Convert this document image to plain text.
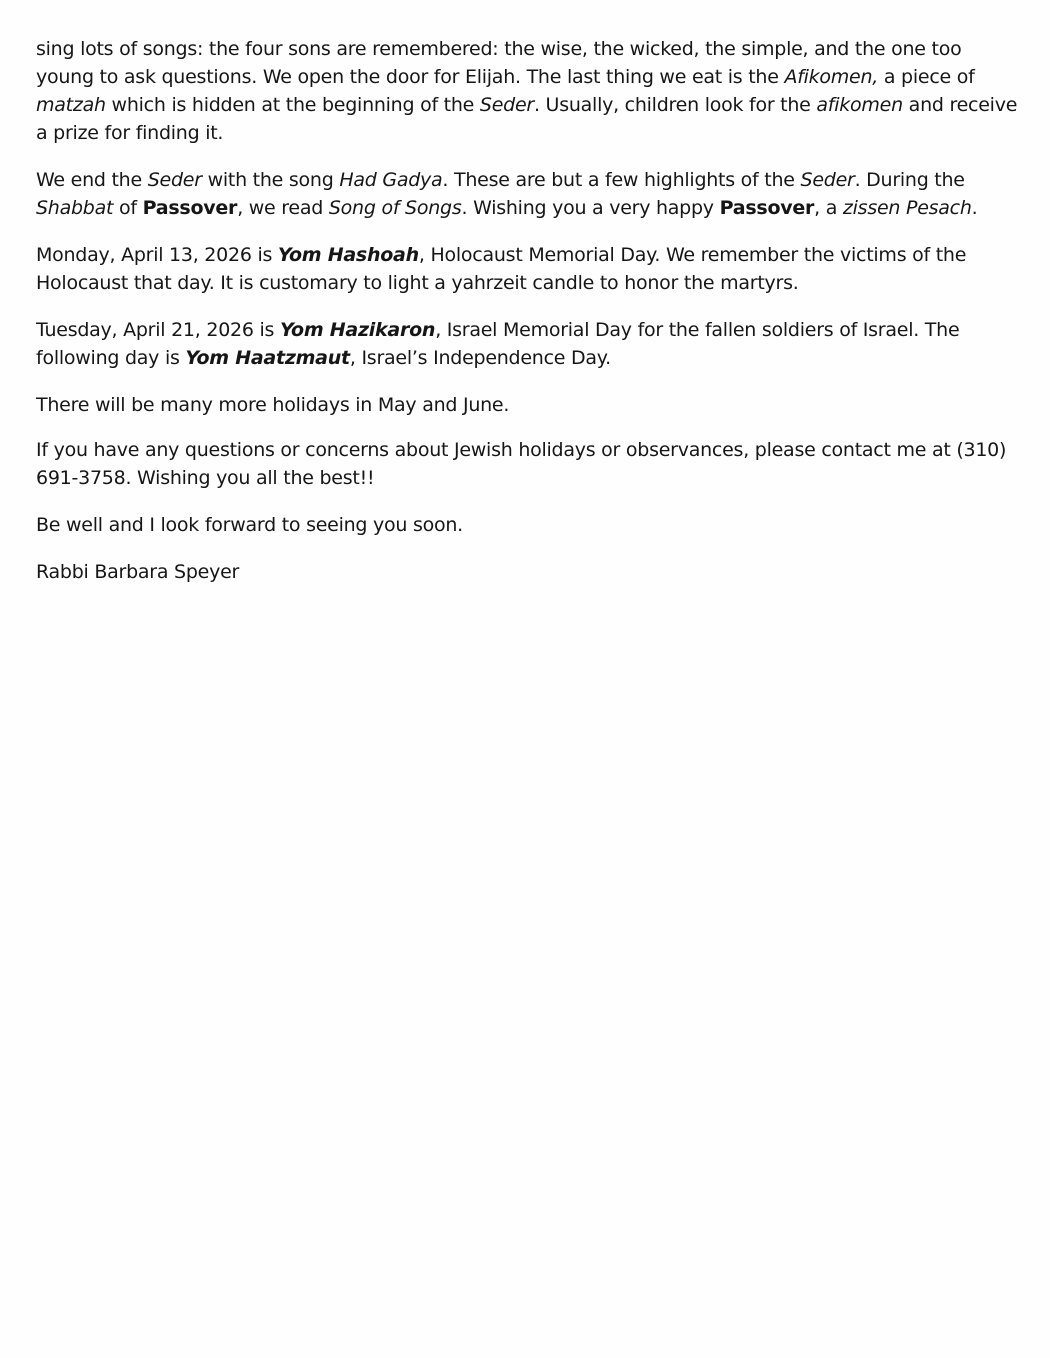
sing lots of songs: the four sons are remembered: the wise, the wicked, the simple, and the one too young to ask questions. We open the door for Elijah. The last thing we eat is the Afikomen, a piece of matzah which is hidden at the beginning of the Seder. Usually, children look for the afikomen and receive a prize for finding it.

We end the Seder with the song Had Gadya. These are but a few highlights of the Seder. During the Shabbat of Passover, we read Song of Songs. Wishing you a very happy Passover, a zissen Pesach.

Monday, April 13, 2026 is Yom Hashoah, Holocaust Memorial Day. We remember the victims of the Holocaust that day. It is customary to light a yahrzeit candle to honor the martyrs.

Tuesday, April 21, 2026 is Yom Hazikaron, Israel Memorial Day for the fallen soldiers of Israel. The following day is Yom Haatzmaut, Israel’s Independence Day.

There will be many more holidays in May and June.

If you have any questions or concerns about Jewish holidays or observances, please contact me at (310) 691-3758. Wishing you all the best!!

Be well and I look forward to seeing you soon.

Rabbi Barbara Speyer
